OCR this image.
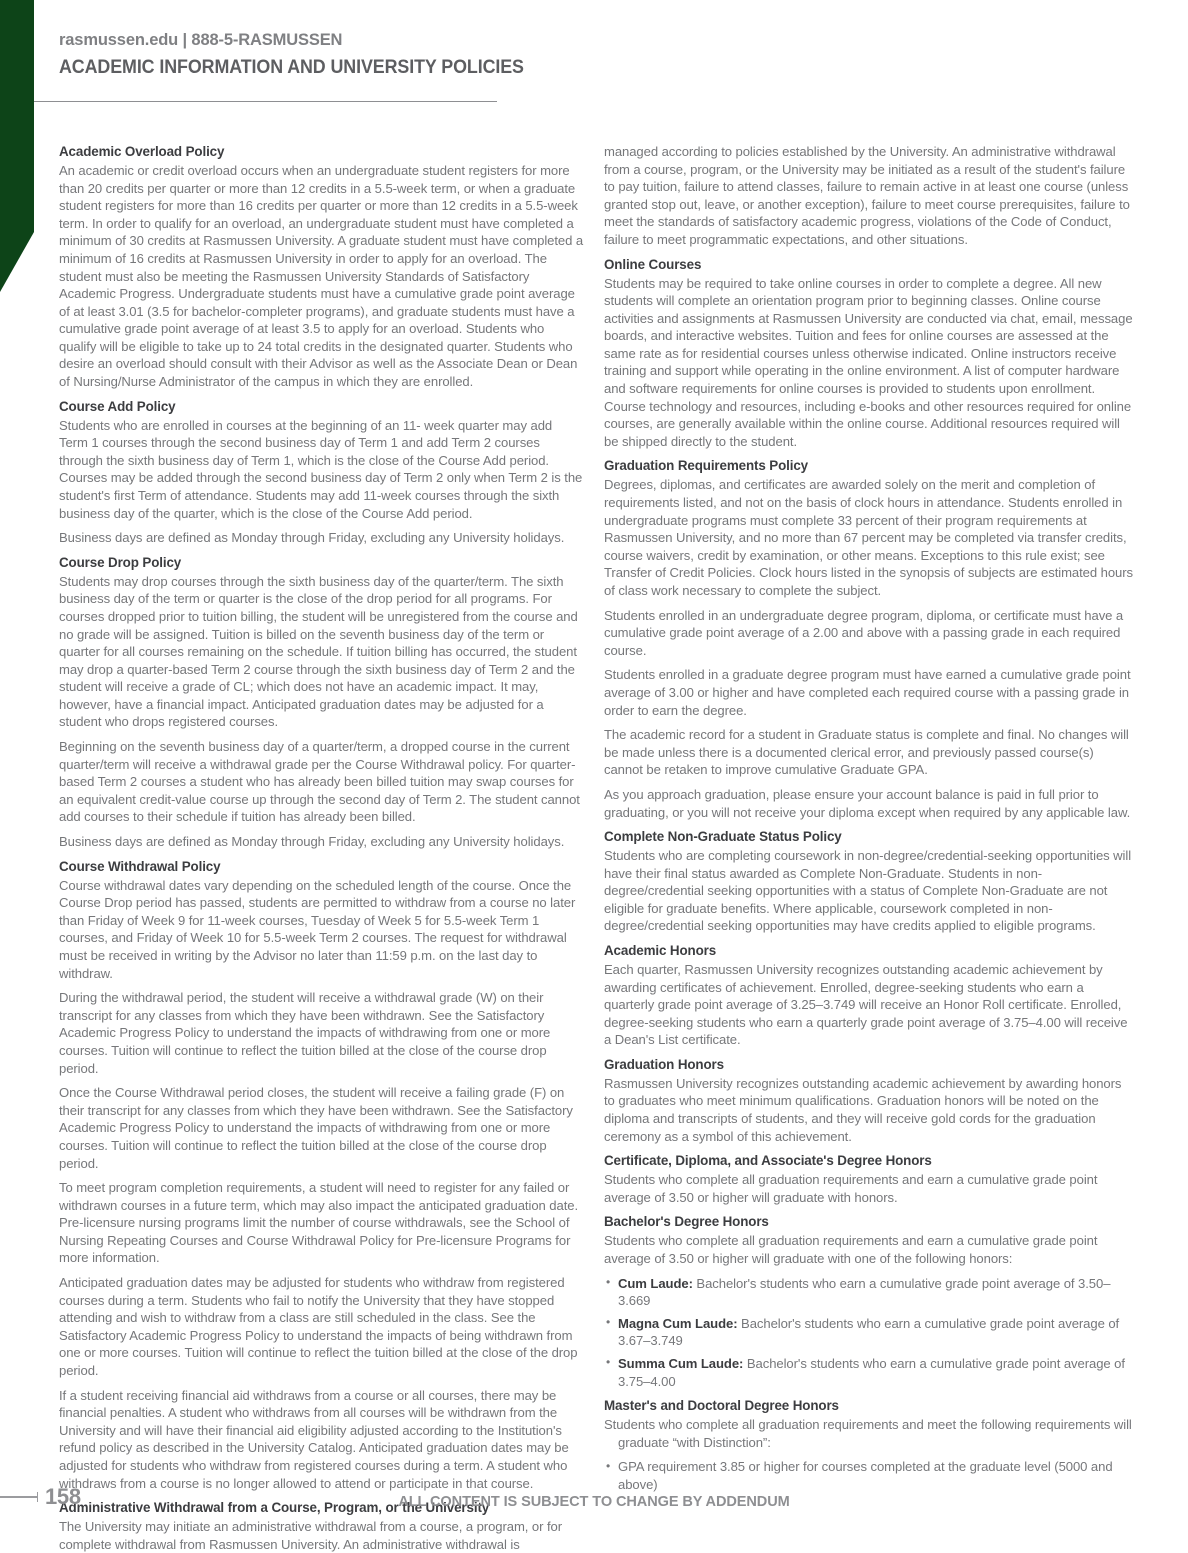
rasmussen.edu | 888-5-RASMUSSEN
ACADEMIC INFORMATION AND UNIVERSITY POLICIES
Academic Overload Policy

An academic or credit overload occurs when an undergraduate student registers for more than 20 credits per quarter or more than 12 credits in a 5.5-week term, or when a graduate student registers for more than 16 credits per quarter or more than 12 credits in a 5.5-week term. In order to qualify for an overload, an undergraduate student must have completed a minimum of 30 credits at Rasmussen University. A graduate student must have completed a minimum of 16 credits at Rasmussen University in order to apply for an overload. The student must also be meeting the Rasmussen University Standards of Satisfactory Academic Progress. Undergraduate students must have a cumulative grade point average of at least 3.01 (3.5 for bachelor-completer programs), and graduate students must have a cumulative grade point average of at least 3.5 to apply for an overload. Students who qualify will be eligible to take up to 24 total credits in the designated quarter. Students who desire an overload should consult with their Advisor as well as the Associate Dean or Dean of Nursing/Nurse Administrator of the campus in which they are enrolled.

Course Add Policy

Students who are enrolled in courses at the beginning of an 11- week quarter may add Term 1 courses through the second business day of Term 1 and add Term 2 courses through the sixth business day of Term 1, which is the close of the Course Add period. Courses may be added through the second business day of Term 2 only when Term 2 is the student's first Term of attendance. Students may add 11-week courses through the sixth business day of the quarter, which is the close of the Course Add period.

Business days are defined as Monday through Friday, excluding any University holidays.

Course Drop Policy

Students may drop courses through the sixth business day of the quarter/term. The sixth business day of the term or quarter is the close of the drop period for all programs. For courses dropped prior to tuition billing, the student will be unregistered from the course and no grade will be assigned. Tuition is billed on the seventh business day of the term or quarter for all courses remaining on the schedule. If tuition billing has occurred, the student may drop a quarter-based Term 2 course through the sixth business day of Term 2 and the student will receive a grade of CL; which does not have an academic impact. It may, however, have a financial impact. Anticipated graduation dates may be adjusted for a student who drops registered courses.

Beginning on the seventh business day of a quarter/term, a dropped course in the current quarter/term will receive a withdrawal grade per the Course Withdrawal policy. For quarter-based Term 2 courses a student who has already been billed tuition may swap courses for an equivalent credit-value course up through the second day of Term 2. The student cannot add courses to their schedule if tuition has already been billed.

Business days are defined as Monday through Friday, excluding any University holidays.

Course Withdrawal Policy

Course withdrawal dates vary depending on the scheduled length of the course. Once the Course Drop period has passed, students are permitted to withdraw from a course no later than Friday of Week 9 for 11-week courses, Tuesday of Week 5 for 5.5-week Term 1 courses, and Friday of Week 10 for 5.5-week Term 2 courses. The request for withdrawal must be received in writing by the Advisor no later than 11:59 p.m. on the last day to withdraw.

During the withdrawal period, the student will receive a withdrawal grade (W) on their transcript for any classes from which they have been withdrawn. See the Satisfactory Academic Progress Policy to understand the impacts of withdrawing from one or more courses. Tuition will continue to reflect the tuition billed at the close of the course drop period.

Once the Course Withdrawal period closes, the student will receive a failing grade (F) on their transcript for any classes from which they have been withdrawn. See the Satisfactory Academic Progress Policy to understand the impacts of withdrawing from one or more courses. Tuition will continue to reflect the tuition billed at the close of the course drop period.

To meet program completion requirements, a student will need to register for any failed or withdrawn courses in a future term, which may also impact the anticipated graduation date. Pre-licensure nursing programs limit the number of course withdrawals, see the School of Nursing Repeating Courses and Course Withdrawal Policy for Pre-licensure Programs for more information.

Anticipated graduation dates may be adjusted for students who withdraw from registered courses during a term. Students who fail to notify the University that they have stopped attending and wish to withdraw from a class are still scheduled in the class. See the Satisfactory Academic Progress Policy to understand the impacts of being withdrawn from one or more courses. Tuition will continue to reflect the tuition billed at the close of the drop period.

If a student receiving financial aid withdraws from a course or all courses, there may be financial penalties. A student who withdraws from all courses will be withdrawn from the University and will have their financial aid eligibility adjusted according to the Institution's refund policy as described in the University Catalog. Anticipated graduation dates may be adjusted for students who withdraw from registered courses during a term. A student who withdraws from a course is no longer allowed to attend or participate in that course.

Administrative Withdrawal from a Course, Program, or the University

The University may initiate an administrative withdrawal from a course, a program, or for complete withdrawal from Rasmussen University. An administrative withdrawal is

managed according to policies established by the University. An administrative withdrawal from a course, program, or the University may be initiated as a result of the student's failure to pay tuition, failure to attend classes, failure to remain active in at least one course (unless granted stop out, leave, or another exception), failure to meet course prerequisites, failure to meet the standards of satisfactory academic progress, violations of the Code of Conduct, failure to meet programmatic expectations, and other situations.

Online Courses

Students may be required to take online courses in order to complete a degree. All new students will complete an orientation program prior to beginning classes. Online course activities and assignments at Rasmussen University are conducted via chat, email, message boards, and interactive websites. Tuition and fees for online courses are assessed at the same rate as for residential courses unless otherwise indicated. Online instructors receive training and support while operating in the online environment. A list of computer hardware and software requirements for online courses is provided to students upon enrollment. Course technology and resources, including e-books and other resources required for online courses, are generally available within the online course. Additional resources required will be shipped directly to the student.

Graduation Requirements Policy

Degrees, diplomas, and certificates are awarded solely on the merit and completion of requirements listed, and not on the basis of clock hours in attendance. Students enrolled in undergraduate programs must complete 33 percent of their program requirements at Rasmussen University, and no more than 67 percent may be completed via transfer credits, course waivers, credit by examination, or other means. Exceptions to this rule exist; see Transfer of Credit Policies. Clock hours listed in the synopsis of subjects are estimated hours of class work necessary to complete the subject.

Students enrolled in an undergraduate degree program, diploma, or certificate must have a cumulative grade point average of a 2.00 and above with a passing grade in each required course.

Students enrolled in a graduate degree program must have earned a cumulative grade point average of 3.00 or higher and have completed each required course with a passing grade in order to earn the degree.

The academic record for a student in Graduate status is complete and final. No changes will be made unless there is a documented clerical error, and previously passed course(s) cannot be retaken to improve cumulative Graduate GPA.

As you approach graduation, please ensure your account balance is paid in full prior to graduating, or you will not receive your diploma except when required by any applicable law.

Complete Non-Graduate Status Policy

Students who are completing coursework in non-degree/credential-seeking opportunities will have their final status awarded as Complete Non-Graduate. Students in non-degree/credential seeking opportunities with a status of Complete Non-Graduate are not eligible for graduate benefits. Where applicable, coursework completed in non-degree/credential seeking opportunities may have credits applied to eligible programs.

Academic Honors

Each quarter, Rasmussen University recognizes outstanding academic achievement by awarding certificates of achievement. Enrolled, degree-seeking students who earn a quarterly grade point average of 3.25–3.749 will receive an Honor Roll certificate. Enrolled, degree-seeking students who earn a quarterly grade point average of 3.75–4.00 will receive a Dean's List certificate.

Graduation Honors

Rasmussen University recognizes outstanding academic achievement by awarding honors to graduates who meet minimum qualifications. Graduation honors will be noted on the diploma and transcripts of students, and they will receive gold cords for the graduation ceremony as a symbol of this achievement.

Certificate, Diploma, and Associate's Degree Honors

Students who complete all graduation requirements and earn a cumulative grade point average of 3.50 or higher will graduate with honors.

Bachelor's Degree Honors

Students who complete all graduation requirements and earn a cumulative grade point average of 3.50 or higher will graduate with one of the following honors:

• Cum Laude: Bachelor's students who earn a cumulative grade point average of 3.50–3.669
• Magna Cum Laude: Bachelor's students who earn a cumulative grade point average of 3.67–3.749
• Summa Cum Laude: Bachelor's students who earn a cumulative grade point average of 3.75–4.00
Master's and Doctoral Degree Honors

Students who complete all graduation requirements and meet the following requirements will graduate “with Distinction”:

• GPA requirement 3.85 or higher for courses completed at the graduate level (5000 and above)
158	ALL CONTENT IS SUBJECT TO CHANGE BY ADDENDUM
